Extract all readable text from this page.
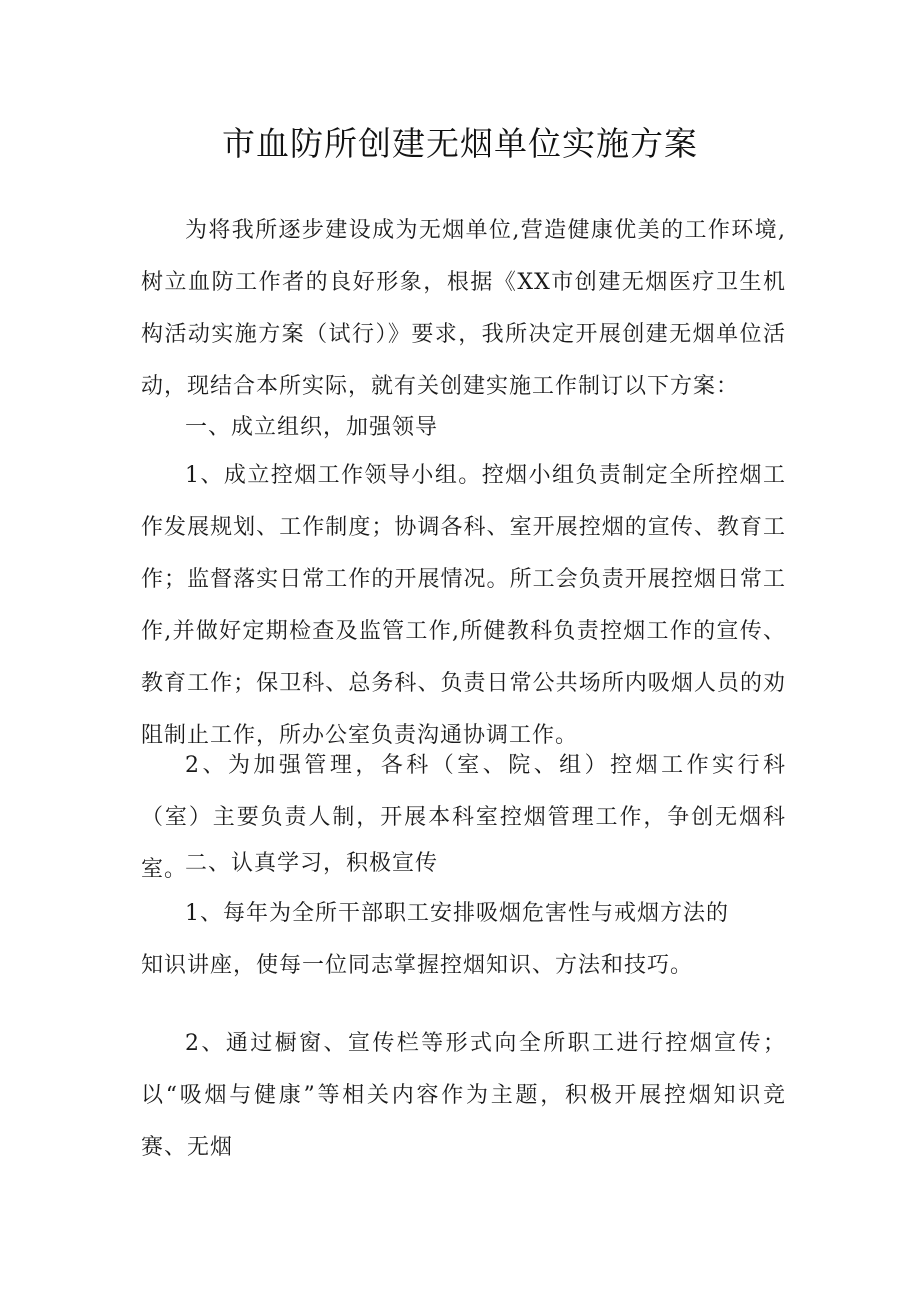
市血防所创建无烟单位实施方案

为将我所逐步建设成为无烟单位,营造健康优美的工作环境,树立血防工作者的良好形象，根据《XX市创建无烟医疗卫生机构活动实施方案（试行）》要求，我所决定开展创建无烟单位活动，现结合本所实际，就有关创建实施工作制订以下方案：

一、成立组织，加强领导

1、成立控烟工作领导小组。控烟小组负责制定全所控烟工作发展规划、工作制度；协调各科、室开展控烟的宣传、教育工作；监督落实日常工作的开展情况。所工会负责开展控烟日常工作,并做好定期检查及监管工作,所健教科负责控烟工作的宣传、教育工作；保卫科、总务科、负责日常公共场所内吸烟人员的劝阻制止工作，所办公室负责沟通协调工作。

2、为加强管理，各科（室、院、组）控烟工作实行科（室）主要负责人制，开展本科室控烟管理工作，争创无烟科室。

二、认真学习，积极宣传

1、每年为全所干部职工安排吸烟危害性与戒烟方法的

知识讲座，使每一位同志掌握控烟知识、方法和技巧。

2、通过橱窗、宣传栏等形式向全所职工进行控烟宣传；以“吸烟与健康”等相关内容作为主题，积极开展控烟知识竞赛、无烟
